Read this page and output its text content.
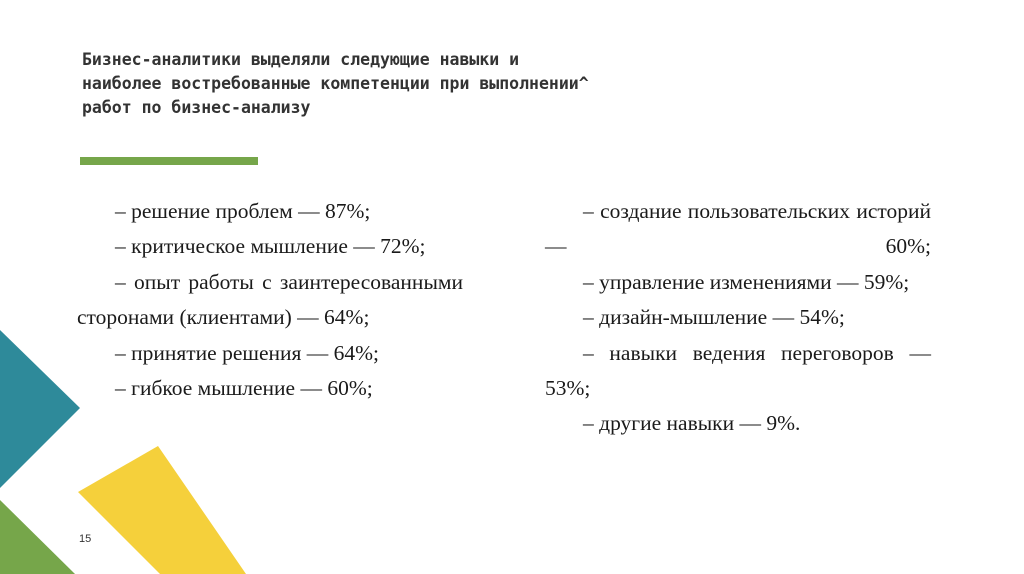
Бизнес-аналитики выделяли следующие навыки и
наиболее востребованные компетенции при выполнении^
работ по бизнес-анализу

– решение проблем — 87%;

– критическое мышление — 72%;

– опыт работы с заинтересованными сторонами (клиентами) — 64%;

– принятие решения — 64%;

– гибкое мышление — 60%;

– создание пользовательских историй — 60%;

– управление изменениями — 59%;

– дизайн-мышление — 54%;

– навыки ведения переговоров — 53%;

– другие навыки — 9%.

15
